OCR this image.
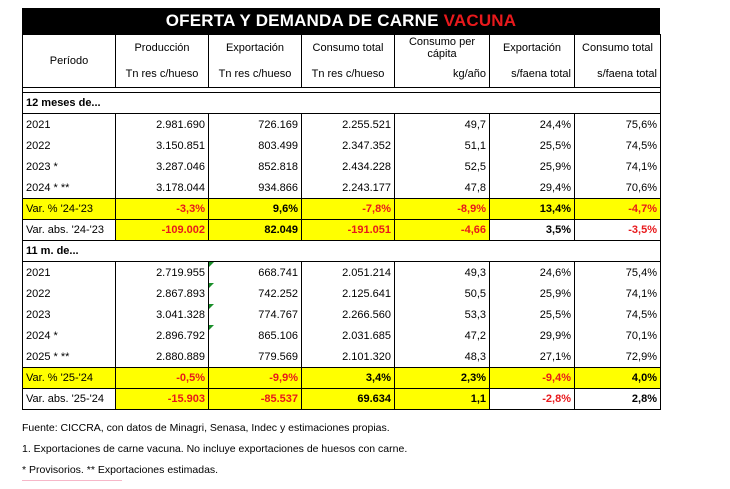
OFERTA Y DEMANDA DE CARNE VACUNA
Período	Producción	Exportación	Consumo total	Consumo per cápita	Exportación	Consumo total
	Tn res c/hueso	Tn res c/hueso	Tn res c/hueso	kg/año	s/faena total	s/faena total

12 meses de...						
2021	2.981.690	726.169	2.255.521	49,7	24,4%	75,6%
2022	3.150.851	803.499	2.347.352	51,1	25,5%	74,5%
2023 *	3.287.046	852.818	2.434.228	52,5	25,9%	74,1%
2024 * **	3.178.044	934.866	2.243.177	47,8	29,4%	70,6%
Var. % '24-'23	-3,3%	9,6%	-7,8%	-8,9%	13,4%	-4,7%
Var. abs. '24-'23	-109.002	82.049	-191.051	-4,66	3,5%	-3,5%
11 m. de...						
2021	2.719.955	668.741	2.051.214	49,3	24,6%	75,4%
2022	2.867.893	742.252	2.125.641	50,5	25,9%	74,1%
2023	3.041.328	774.767	2.266.560	53,3	25,5%	74,5%
2024 *	2.896.792	865.106	2.031.685	47,2	29,9%	70,1%
2025 * **	2.880.889	779.569	2.101.320	48,3	27,1%	72,9%
Var. % '25-'24	-0,5%	-9,9%	3,4%	2,3%	-9,4%	4,0%
Var. abs. '25-'24	-15.903	-85.537	69.634	1,1	-2,8%	2,8%
Fuente: CICCRA, con datos de Minagri, Senasa, Indec y estimaciones propias.
1. Exportaciones de carne vacuna. No incluye exportaciones de huesos con carne.
* Provisorios. ** Exportaciones estimadas.
